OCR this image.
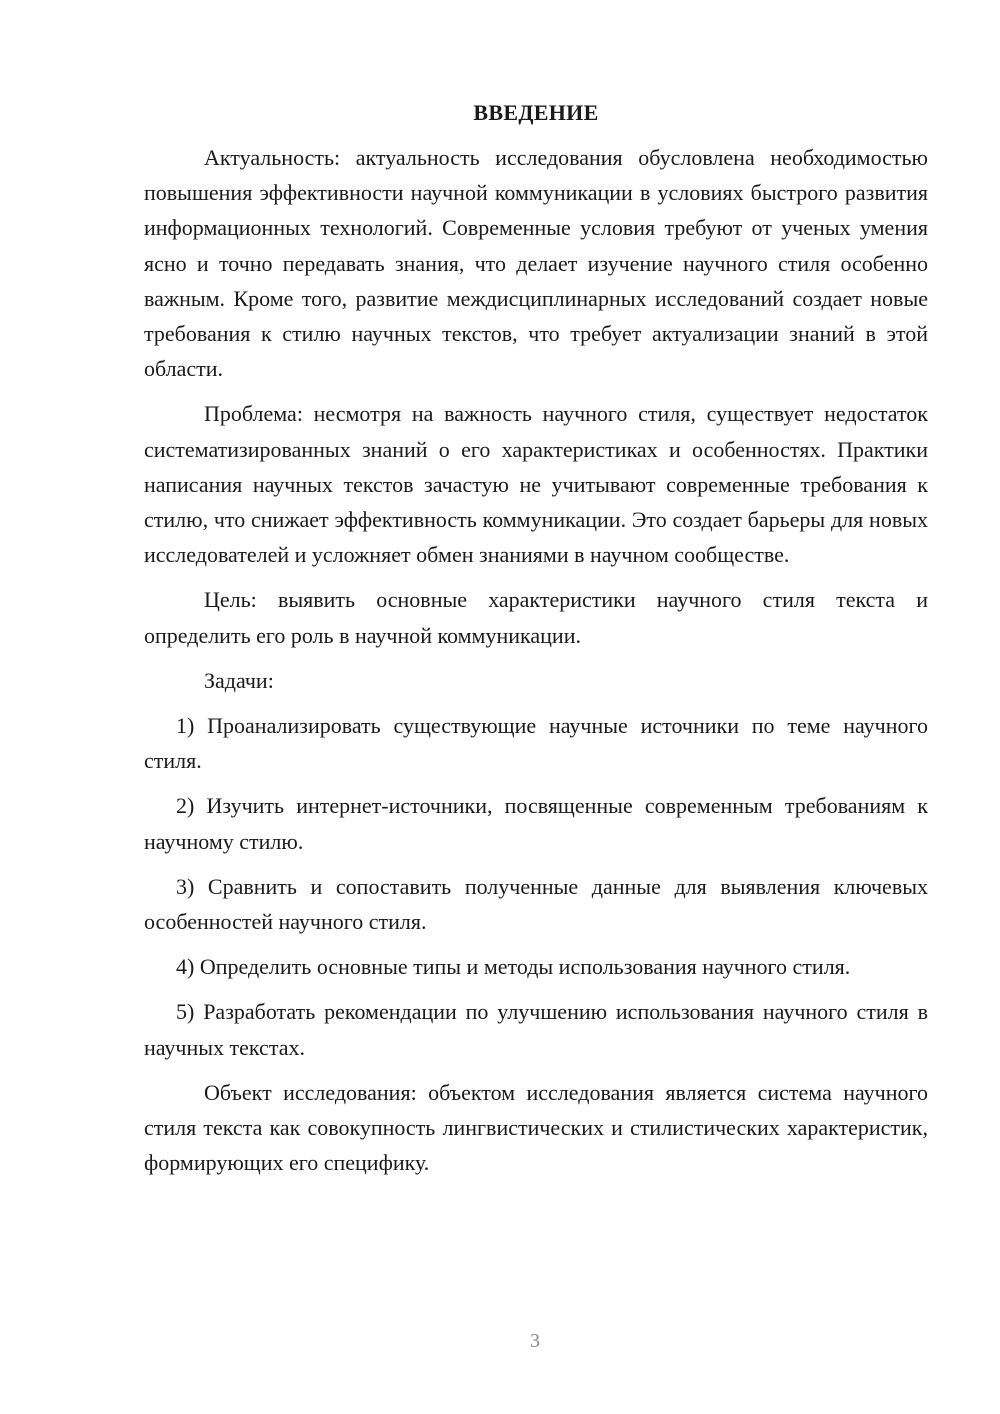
ВВЕДЕНИЕ

Актуальность: актуальность исследования обусловлена необходимостью повышения эффективности научной коммуникации в условиях быстрого развития информационных технологий. Современные условия требуют от ученых умения ясно и точно передавать знания, что делает изучение научного стиля особенно важным. Кроме того, развитие междисциплинарных исследований создает новые требования к стилю научных текстов, что требует актуализации знаний в этой области.

Проблема: несмотря на важность научного стиля, существует недостаток систематизированных знаний о его характеристиках и особенностях. Практики написания научных текстов зачастую не учитывают современные требования к стилю, что снижает эффективность коммуникации. Это создает барьеры для новых исследователей и усложняет обмен знаниями в научном сообществе.

Цель: выявить основные характеристики научного стиля текста и определить его роль в научной коммуникации.

Задачи:

1) Проанализировать существующие научные источники по теме научного стиля.

2) Изучить интернет-источники, посвященные современным требованиям к научному стилю.

3) Сравнить и сопоставить полученные данные для выявления ключевых особенностей научного стиля.

4) Определить основные типы и методы использования научного стиля.

5) Разработать рекомендации по улучшению использования научного стиля в научных текстах.

Объект исследования: объектом исследования является система научного стиля текста как совокупность лингвистических и стилистических характеристик, формирующих его специфику.

3
